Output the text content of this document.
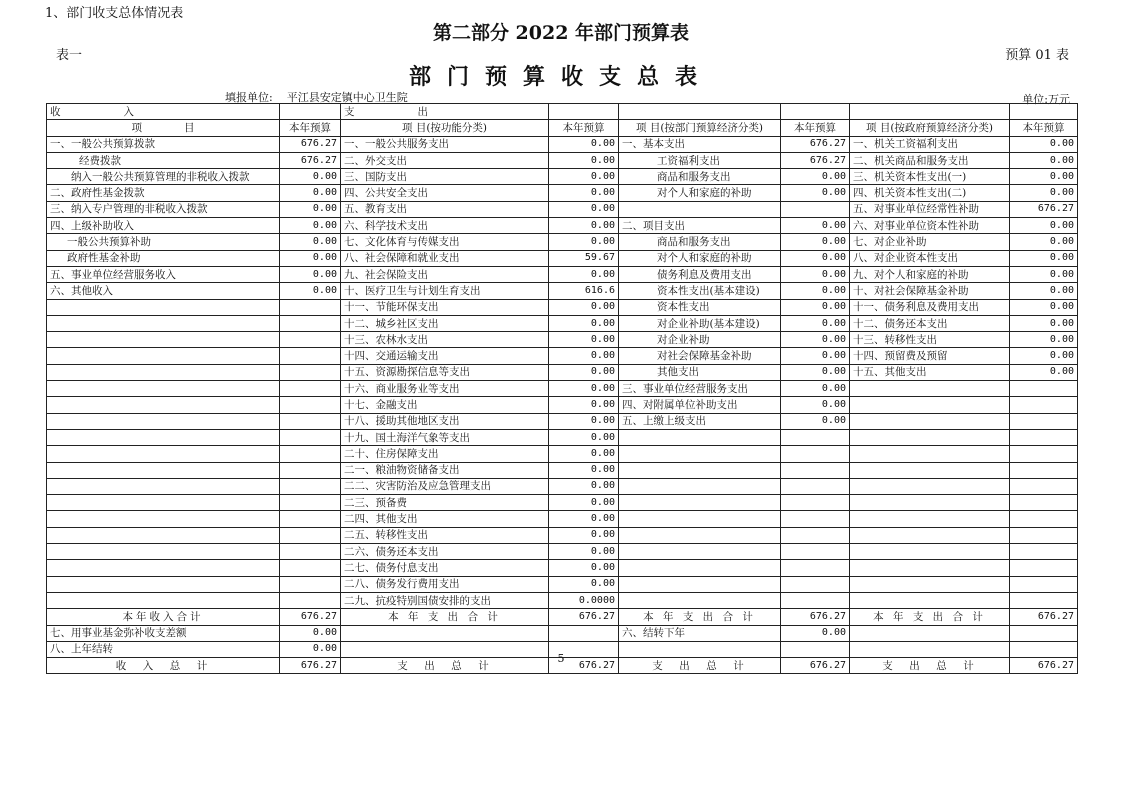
1、部门收支总体情况表
第二部分 2022 年部门预算表
表一	预算 01 表
部门预算收支总表
填报单位: 平江县安定镇中心卫生院	单位:万元
收　　　　　　入		支　　　　　　出					
项　　　　目	本年预算	项 目(按功能分类)	本年预算	项 目(按部门预算经济分类)	本年预算	项 目(按政府预算经济分类)	本年预算
一、一般公共预算拨款	676.27	一、一般公共服务支出	0.00	一、基本支出	676.27	一、机关工资福利支出	0.00
经费拨款	676.27	二、外交支出	0.00	工资福利支出	676.27	二、机关商品和服务支出	0.00
纳入一般公共预算管理的非税收入拨款	0.00	三、国防支出	0.00	商品和服务支出	0.00	三、机关资本性支出(一)	0.00
二、政府性基金拨款	0.00	四、公共安全支出	0.00	对个人和家庭的补助	0.00	四、机关资本性支出(二)	0.00
三、纳入专户管理的非税收入拨款	0.00	五、教育支出	0.00			五、对事业单位经常性补助	676.27
四、上级补助收入	0.00	六、科学技术支出	0.00	二、项目支出	0.00	六、对事业单位资本性补助	0.00
一般公共预算补助	0.00	七、文化体育与传媒支出	0.00	商品和服务支出	0.00	七、对企业补助	0.00
政府性基金补助	0.00	八、社会保障和就业支出	59.67	对个人和家庭的补助	0.00	八、对企业资本性支出	0.00
五、事业单位经营服务收入	0.00	九、社会保险支出	0.00	债务利息及费用支出	0.00	九、对个人和家庭的补助	0.00
六、其他收入	0.00	十、医疗卫生与计划生育支出	616.6	资本性支出(基本建设)	0.00	十、对社会保障基金补助	0.00
		十一、节能环保支出	0.00	资本性支出	0.00	十一、债务利息及费用支出	0.00
		十二、城乡社区支出	0.00	对企业补助(基本建设)	0.00	十二、债务还本支出	0.00
		十三、农林水支出	0.00	对企业补助	0.00	十三、转移性支出	0.00
		十四、交通运输支出	0.00	对社会保障基金补助	0.00	十四、预留费及预留	0.00
		十五、资源勘探信息等支出	0.00	其他支出	0.00	十五、其他支出	0.00
		十六、商业服务业等支出	0.00	三、事业单位经营服务支出	0.00		
		十七、金融支出	0.00	四、对附属单位补助支出	0.00		
		十八、援助其他地区支出	0.00	五、上缴上级支出	0.00		
		十九、国土海洋气象等支出	0.00				
		二十、住房保障支出	0.00				
		二一、粮油物资储备支出	0.00				
		二二、灾害防治及应急管理支出	0.00				
		二三、预备费	0.00				
		二四、其他支出	0.00				
		二五、转移性支出	0.00				
		二六、债务还本支出	0.00				
		二七、债务付息支出	0.00				
		二八、债务发行费用支出	0.00				
		二九、抗疫特别国债安排的支出	0.0000				
本年收入合计	676.27	本 年 支 出 合 计	676.27	本 年 支 出 合 计	676.27	本 年 支 出 合 计	676.27
七、用事业基金弥补收支差额	0.00			六、结转下年	0.00		
八、上年结转	0.00						
收　入　总　计	676.27	支　出　总　计	676.27	支　出　总　计	676.27	支　出　总　计	676.27
5
